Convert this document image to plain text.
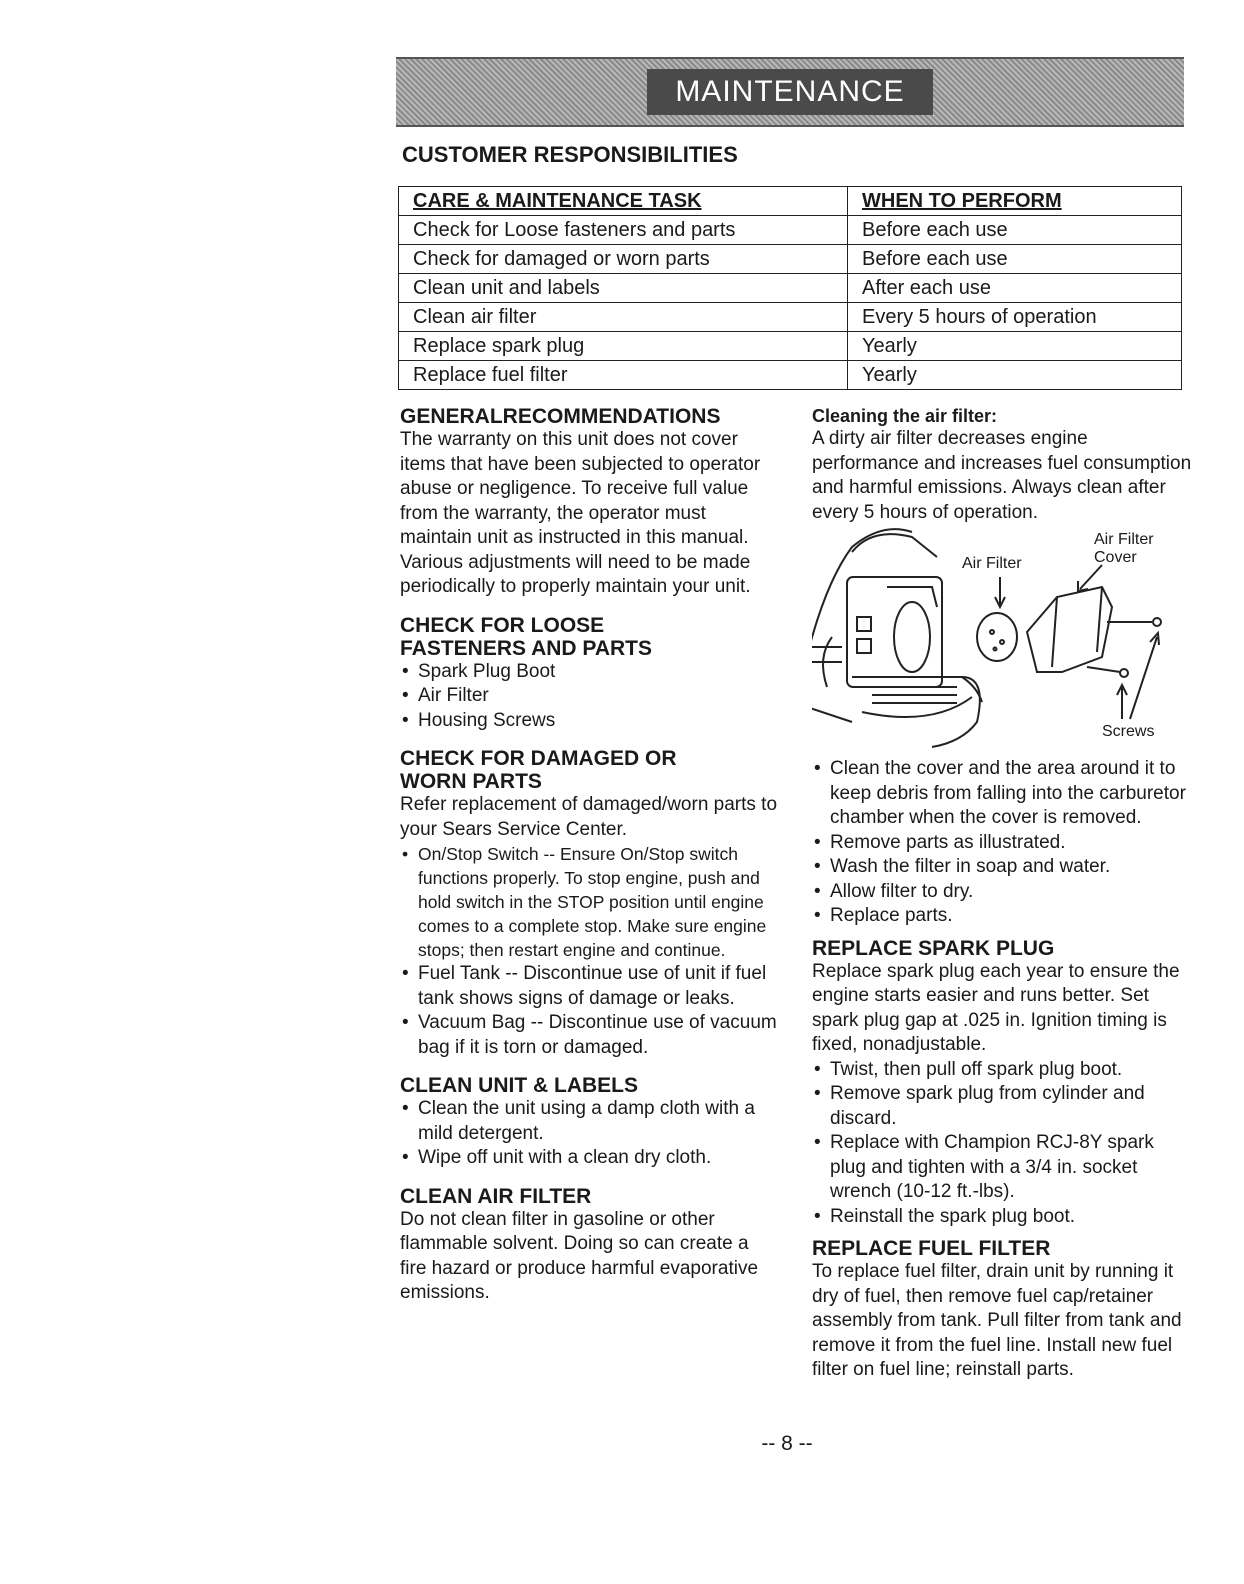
MAINTENANCE
CUSTOMER RESPONSIBILITIES
CARE & MAINTENANCE TASK	WHEN TO PERFORM
Check for Loose fasteners and parts	Before each use
Check for damaged or worn parts	Before each use
Clean unit and labels	After each use
Clean air filter	Every 5 hours of operation
Replace spark plug	Yearly
Replace fuel filter	Yearly
GENERALRECOMMENDATIONS

The warranty on this unit does not cover items that have been subjected to operator abuse or negligence. To receive full value from the warranty, the operator must maintain unit as instructed in this manual. Various adjustments will need to be made periodically to properly maintain your unit.

CHECK FOR LOOSE
FASTENERS AND PARTS
• Spark Plug Boot
• Air Filter
• Housing Screws
CHECK FOR DAMAGED OR
WORN PARTS

Refer replacement of damaged/worn parts to your Sears Service Center.

• On/Stop Switch -- Ensure On/Stop switch functions properly. To stop engine, push and hold switch in the STOP position until engine comes to a complete stop. Make sure engine stops; then restart engine and continue.
• Fuel Tank -- Discontinue use of unit if fuel tank shows signs of damage or leaks.
• Vacuum Bag -- Discontinue use of vacuum bag if it is torn or damaged.
CLEAN UNIT & LABELS
• Clean the unit using a damp cloth with a mild detergent.
• Wipe off unit with a clean dry cloth.
CLEAN AIR FILTER

Do not clean filter in gasoline or other flammable solvent. Doing so can create a fire hazard or produce harmful evaporative emissions.

Cleaning the air filter:

A dirty air filter decreases engine performance and increases fuel consumption and harmful emissions. Always clean after every 5 hours of operation.

Air Filter
Air Filter
Cover
Screws
• Clean the cover and the area around it to keep debris from falling into the carburetor chamber when the cover is removed.
• Remove parts as illustrated.
• Wash the filter in soap and water.
• Allow filter to dry.
• Replace parts.
REPLACE SPARK PLUG

Replace spark plug each year to ensure the engine starts easier and runs better. Set spark plug gap at .025 in. Ignition timing is fixed, nonadjustable.

• Twist, then pull off spark plug boot.
• Remove spark plug from cylinder and discard.
• Replace with Champion RCJ-8Y spark plug and tighten with a 3/4 in. socket wrench (10-12 ft.-lbs).
• Reinstall the spark plug boot.
REPLACE FUEL FILTER

To replace fuel filter, drain unit by running it dry of fuel, then remove fuel cap/retainer assembly from tank. Pull filter from tank and remove it from the fuel line. Install new fuel filter on fuel line; reinstall parts.

-- 8 --
